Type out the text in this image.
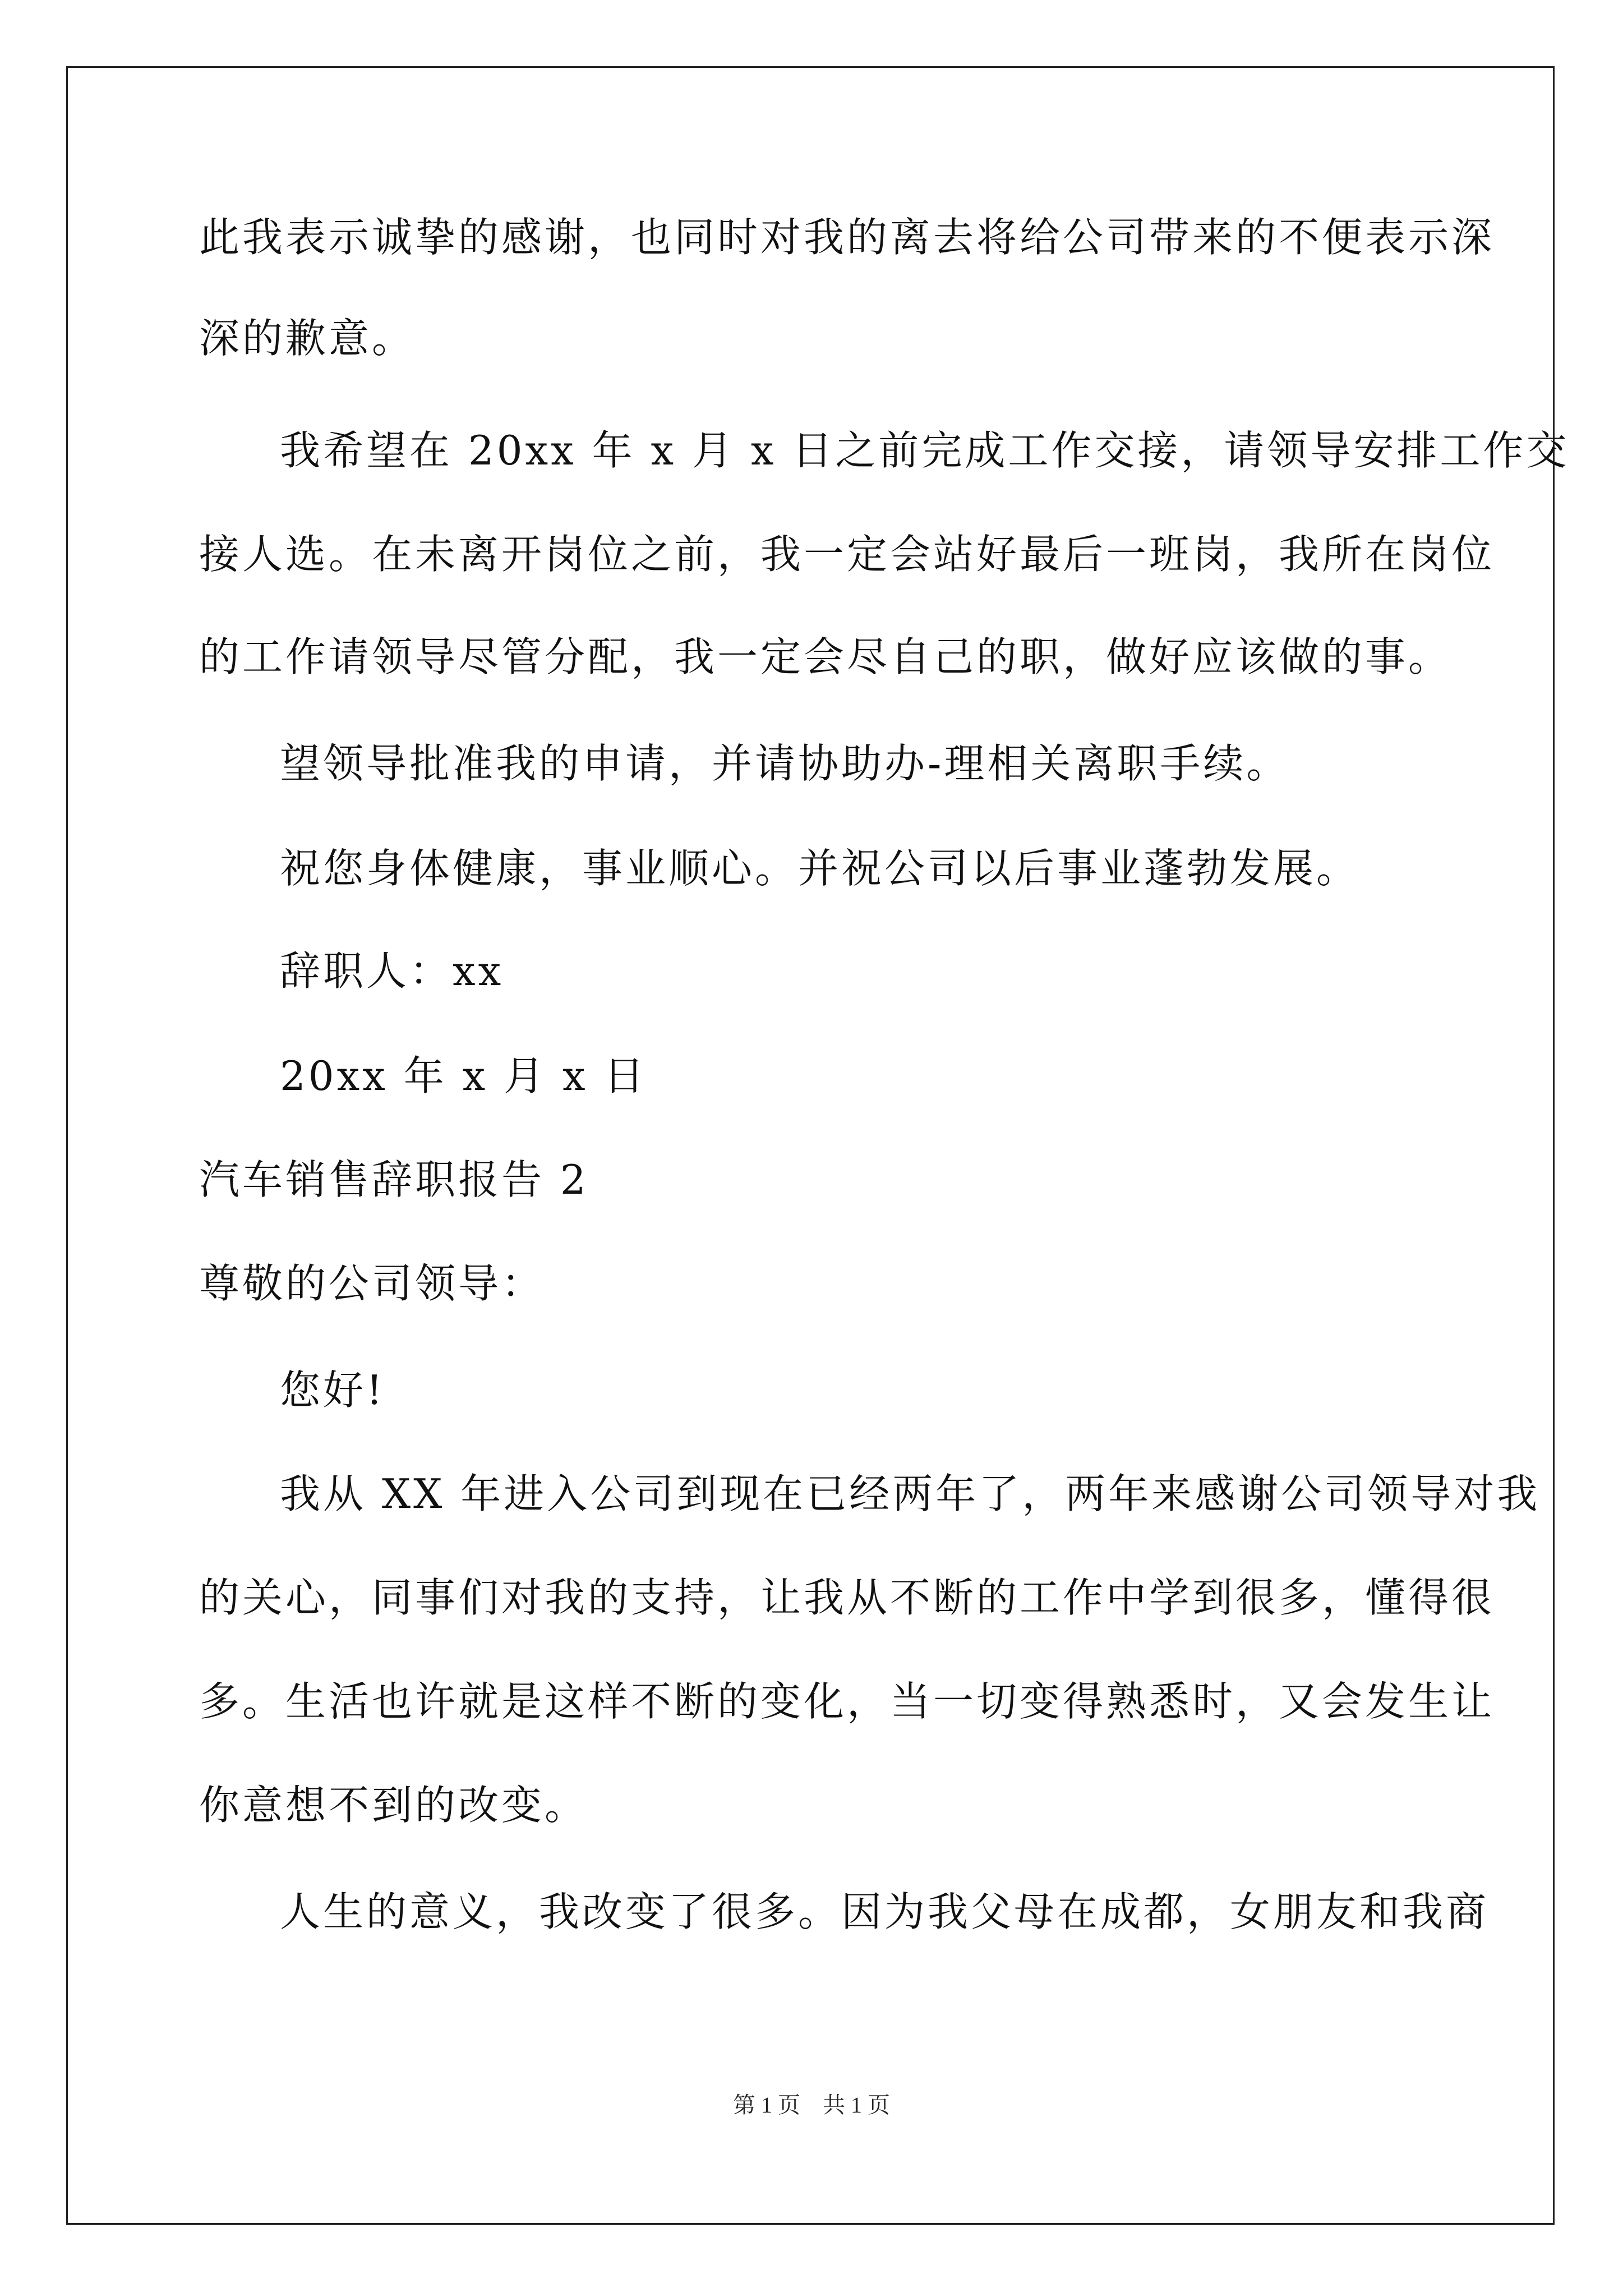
此我表示诚挚的感谢，也同时对我的离去将给公司带来的不便表示深
深的歉意。
我希望在 20xx 年 x 月 x 日之前完成工作交接，请领导安排工作交
接人选。在未离开岗位之前，我一定会站好最后一班岗，我所在岗位
的工作请领导尽管分配，我一定会尽自己的职，做好应该做的事。
望领导批准我的申请，并请协助办-理相关离职手续。
祝您身体健康，事业顺心。并祝公司以后事业蓬勃发展。
辞职人：xx
20xx 年 x 月 x 日
汽车销售辞职报告 2
尊敬的公司领导：
您好!
我从 XX 年进入公司到现在已经两年了，两年来感谢公司领导对我
的关心，同事们对我的支持，让我从不断的工作中学到很多，懂得很
多。生活也许就是这样不断的变化，当一切变得熟悉时，又会发生让
你意想不到的改变。
人生的意义，我改变了很多。因为我父母在成都，女朋友和我商
第 1 页　共 1 页
